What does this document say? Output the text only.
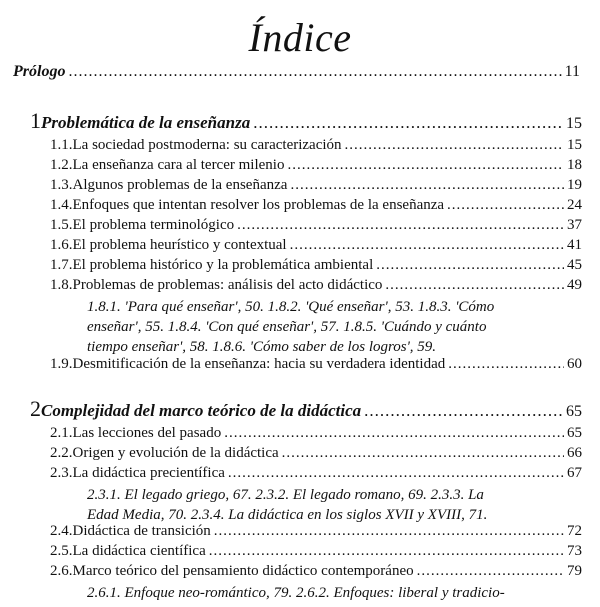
Índice
Prólogo .....	11
1 Problemática de la enseñanza .....	15
1.1. La sociedad postmoderna: su caracterización .....	15
1.2. La enseñanza cara al tercer milenio .....	18
1.3. Algunos problemas de la enseñanza .....	19
1.4. Enfoques que intentan resolver los problemas de la enseñanza .....	24
1.5. El problema terminológico .....	37
1.6. El problema heurístico y contextual .....	41
1.7. El problema histórico y la problemática ambiental .....	45
1.8. Problemas de problemas: análisis del acto didáctico .....	49
1.8.1. 'Para qué enseñar', 50. 1.8.2. 'Qué enseñar', 53. 1.8.3. 'Cómo
enseñar', 55. 1.8.4. 'Con qué enseñar', 57. 1.8.5. 'Cuándo y cuánto
tiempo enseñar', 58. 1.8.6. 'Cómo saber de los logros', 59.
1.9. Desmitificación de la enseñanza: hacia su verdadera identidad .....	60
2 Complejidad del marco teórico de la didáctica .....	65
2.1. Las lecciones del pasado .....	65
2.2. Origen y evolución de la didáctica .....	66
2.3. La didáctica precientífica .....	67
2.3.1. El legado griego, 67. 2.3.2. El legado romano, 69. 2.3.3. La
Edad Media, 70. 2.3.4. La didáctica en los siglos XVII y XVIII, 71.
2.4. Didáctica de transición .....	72
2.5. La didáctica científica .....	73
2.6. Marco teórico del pensamiento didáctico contemporáneo .....	79
2.6.1. Enfoque neo-romántico, 79. 2.6.2. Enfoques: liberal y tradicio-
